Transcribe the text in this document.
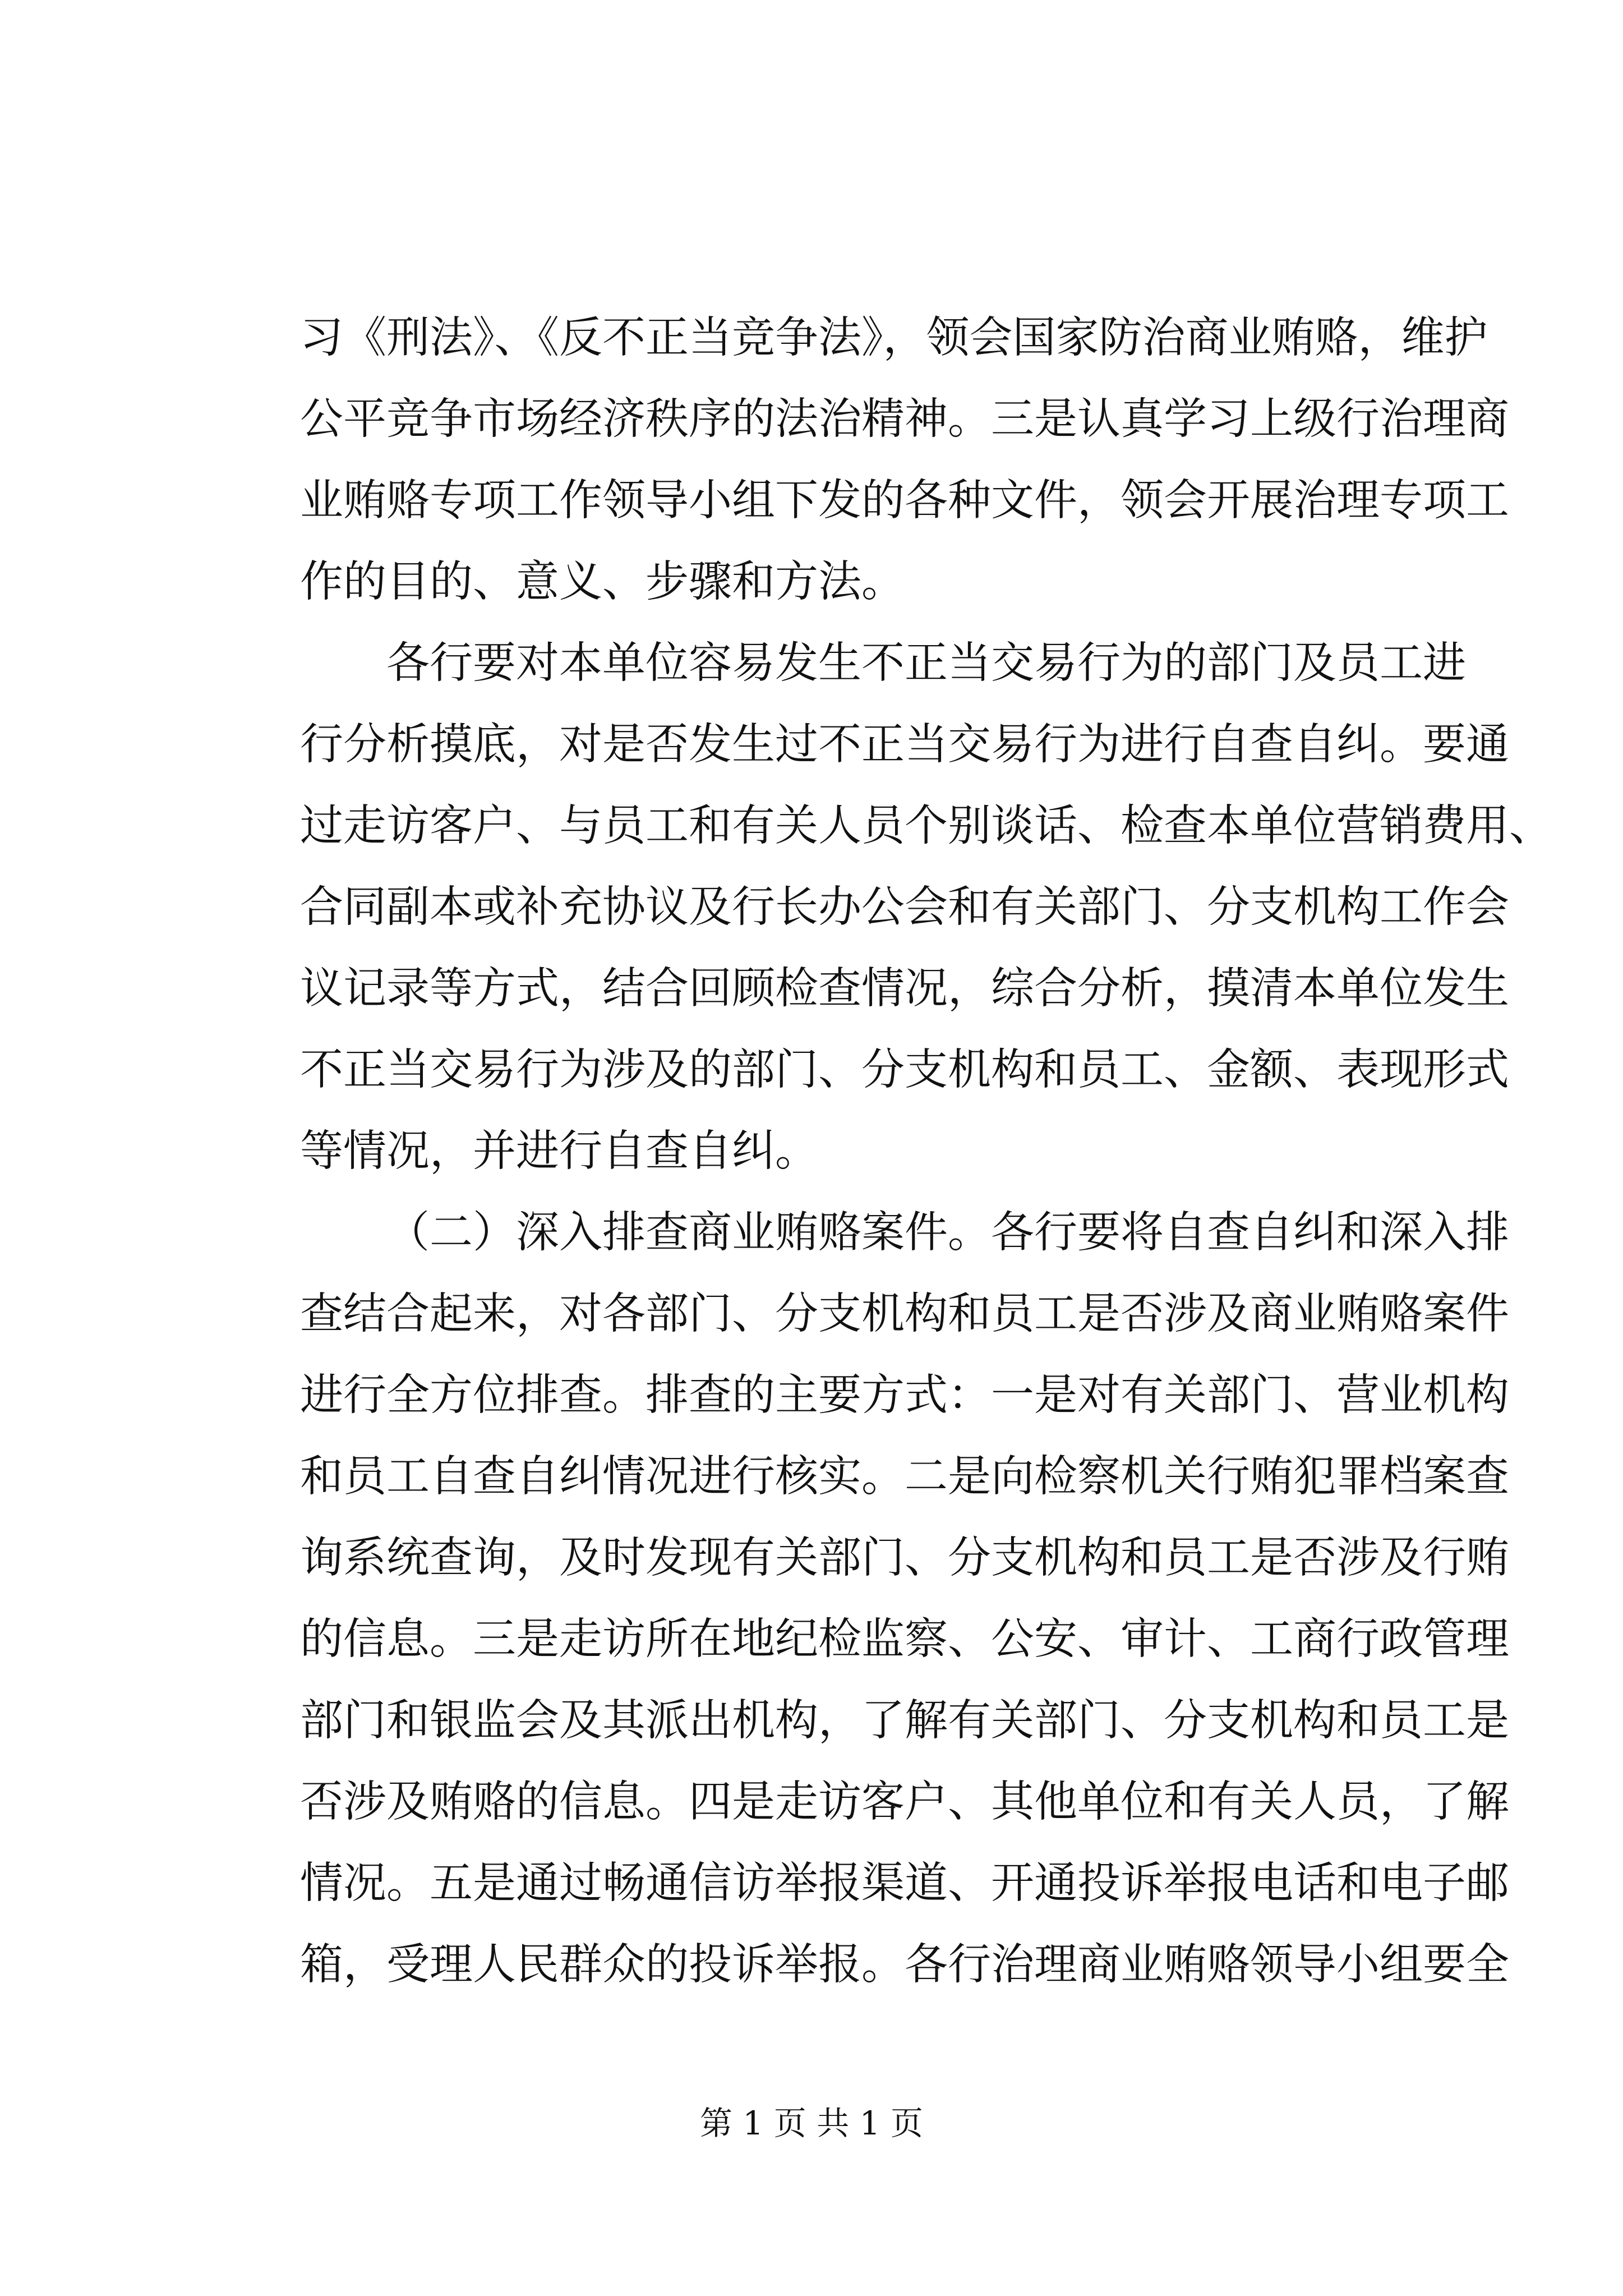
习《刑法》、《反不正当竞争法》，领会国家防治商业贿赂，维护
公平竞争市场经济秩序的法治精神。三是认真学习上级行治理商
业贿赂专项工作领导小组下发的各种文件，领会开展治理专项工
作的目的、意义、步骤和方法。
各行要对本单位容易发生不正当交易行为的部门及员工进
行分析摸底，对是否发生过不正当交易行为进行自查自纠。要通
过走访客户、与员工和有关人员个别谈话、检查本单位营销费用、
合同副本或补充协议及行长办公会和有关部门、分支机构工作会
议记录等方式，结合回顾检查情况，综合分析，摸清本单位发生
不正当交易行为涉及的部门、分支机构和员工、金额、表现形式
等情况，并进行自查自纠。
（二）深入排查商业贿赂案件。各行要将自查自纠和深入排
查结合起来，对各部门、分支机构和员工是否涉及商业贿赂案件
进行全方位排查。排查的主要方式：一是对有关部门、营业机构
和员工自查自纠情况进行核实。二是向检察机关行贿犯罪档案查
询系统查询，及时发现有关部门、分支机构和员工是否涉及行贿
的信息。三是走访所在地纪检监察、公安、审计、工商行政管理
部门和银监会及其派出机构，了解有关部门、分支机构和员工是
否涉及贿赂的信息。四是走访客户、其他单位和有关人员，了解
情况。五是通过畅通信访举报渠道、开通投诉举报电话和电子邮
箱，受理人民群众的投诉举报。各行治理商业贿赂领导小组要全
第 1 页 共 1 页
